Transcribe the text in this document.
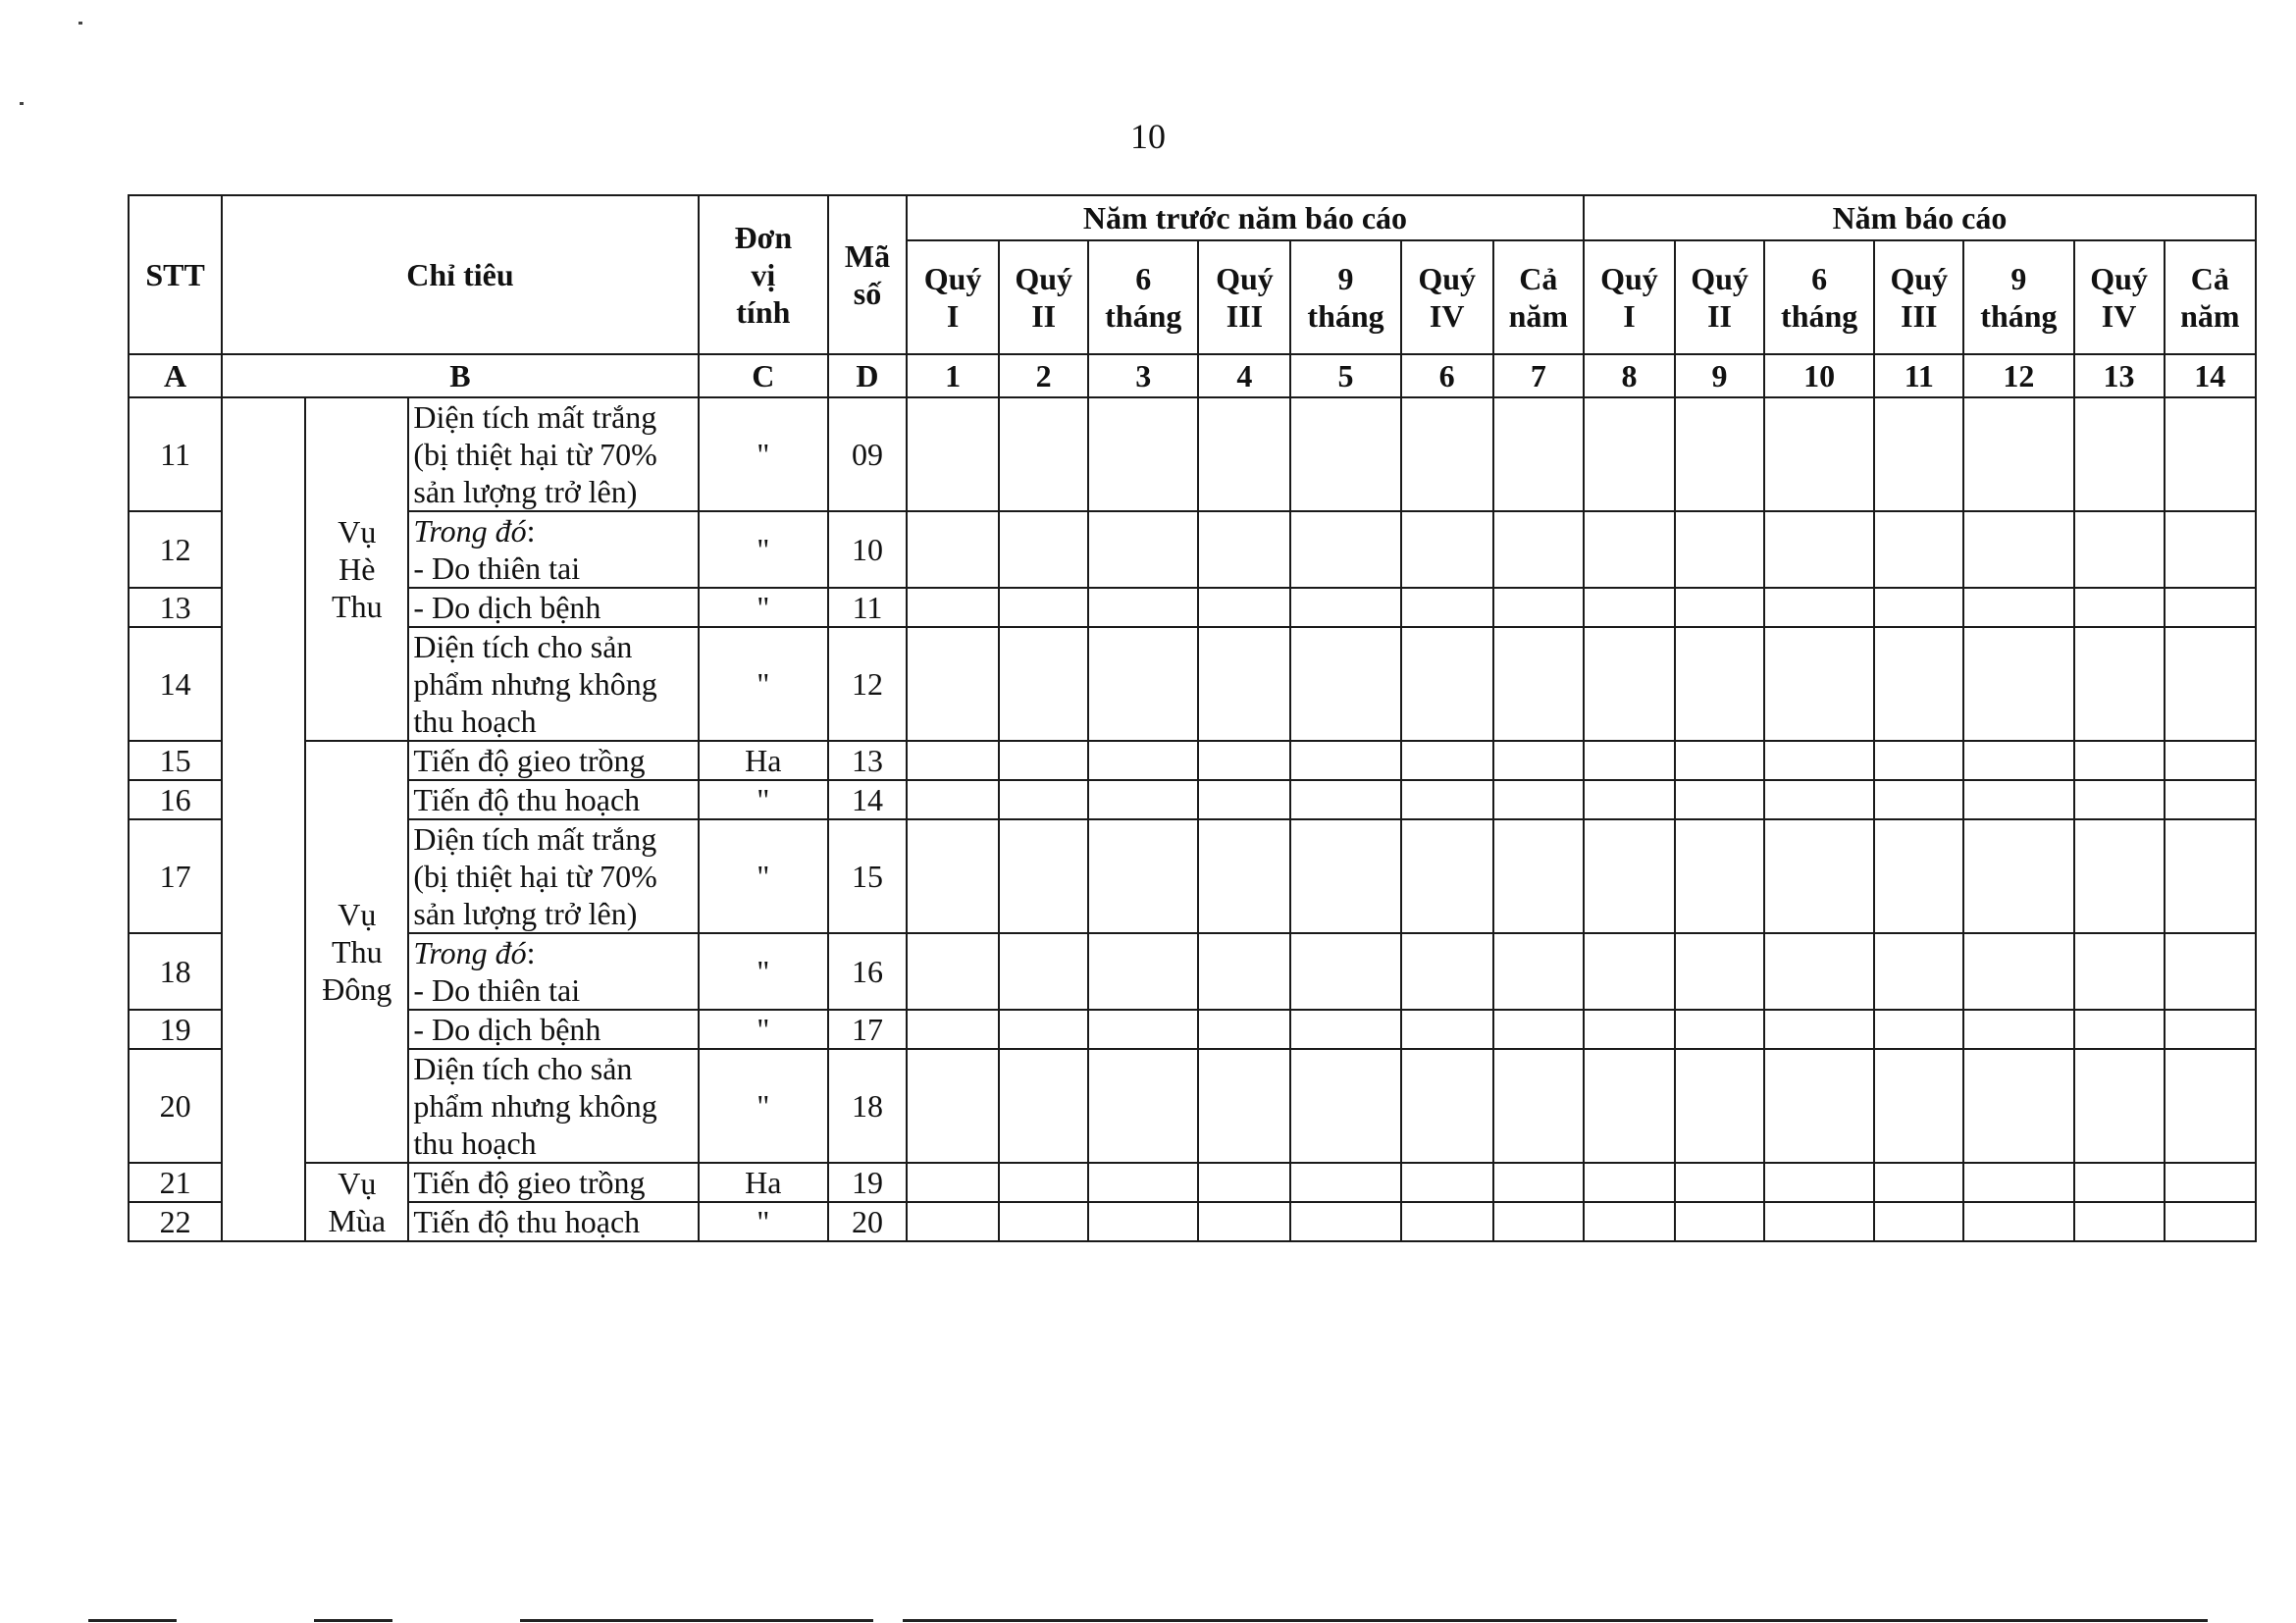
10
STT	Chỉ tiêu			Đơn
vị
tính	Mã
số	Năm trước năm báo cáo							Năm báo cáo						

						Quý
I	Quý
II	6
tháng	Quý
III	9
tháng	Quý
IV	Cả
năm	Quý
I	Quý
II	6
tháng	Quý
III	9
tháng	Quý
IV	Cả
năm

A	B			C	D	1	2	3	4	5	6	7	8	9	10	11	12	13	14
11		Vụ
Hè
Thu	Diện tích mất trắng
(bị thiệt hại từ 70%
sản lượng trở lên)	"	09														
12			Trong đó:
- Do thiên tai	"	10														
13			- Do dịch bệnh	"	11														
14			Diện tích cho sản
phẩm nhưng không
thu hoạch	"	12														
15		Vụ
Thu
Đông	Tiến độ gieo trồng	Ha	13														
16			Tiến độ thu hoạch	"	14														
17			Diện tích mất trắng
(bị thiệt hại từ 70%
sản lượng trở lên)	"	15														
18			Trong đó:
- Do thiên tai	"	16														
19			- Do dịch bệnh	"	17														
20			Diện tích cho sản
phẩm nhưng không
thu hoạch	"	18														
21		Vụ
Mùa	Tiến độ gieo trồng	Ha	19														
22			Tiến độ thu hoạch	"	20														
